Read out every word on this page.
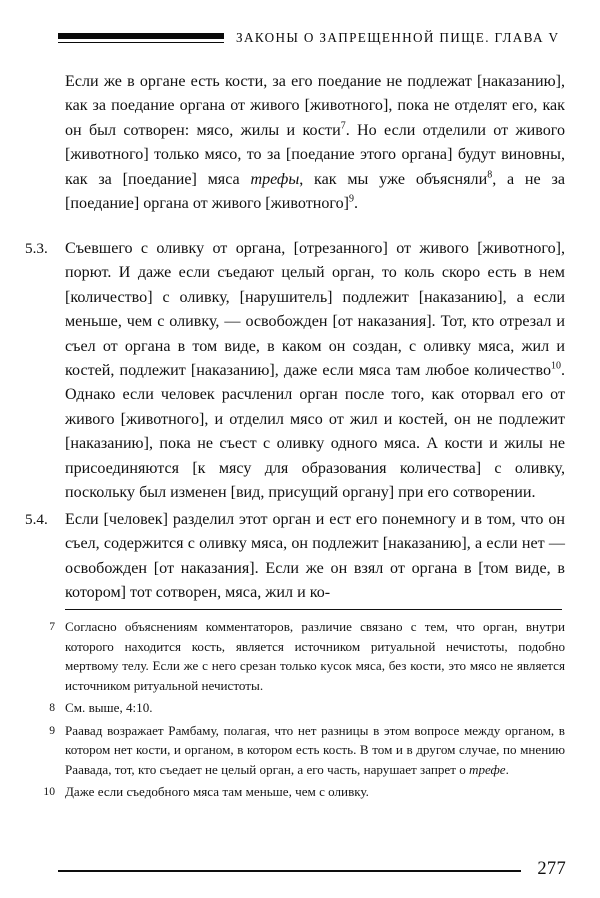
ЗАКОНЫ О ЗАПРЕЩЕННОЙ ПИЩЕ. ГЛАВА V
Если же в органе есть кости, за его поедание не подлежат [наказанию], как за поедание органа от живого [животного], пока не отделят его, как он был сотворен: мясо, жилы и кости$^7$. Но если отделили от живого [животного] только мясо, то за [поедание этого органа] будут виновны, как за [поедание] мяса трефы, как мы уже объясняли$^8$, а не за [поедание] органа от живого [животного]$^9$.
5.3.	Съевшего с оливку от органа, [отрезанного] от живого [животного], порют. И даже если съедают целый орган, то коль скоро есть в нем [количество] с оливку, [нарушитель] подлежит [наказанию], а если меньше, чем с оливку, — освобожден [от наказания]. Тот, кто отрезал и съел от органа в том виде, в каком он создан, с оливку мяса, жил и костей, подлежит [наказанию], даже если мяса там любое количество$^{10}$. Однако если человек расчленил орган после того, как оторвал его от живого [животного], и отделил мясо от жил и костей, он не подлежит [наказанию], пока не съест с оливку одного мяса. А кости и жилы не присоединяются [к мясу для образования количества] с оливку, поскольку был изменен [вид, присущий органу] при его сотворении.
5.4.	Если [человек] разделил этот орган и ест его понемногу и в том, что он съел, содержится с оливку мяса, он подлежит [наказанию], а если нет — освобожден [от наказания]. Если же он взял от органа в [том виде, в котором] тот сотворен, мяса, жил и ко-
7 Согласно объяснениям комментаторов, различие связано с тем, что орган, внутри которого находится кость, является источником ритуальной нечистоты, подобно мертвому телу. Если же с него срезан только кусок мяса, без кости, это мясо не является источником ритуальной нечистоты.
8 См. выше, 4:10.
9 Раавад возражает Рамбаму, полагая, что нет разницы в этом вопросе между органом, в котором нет кости, и органом, в котором есть кость. В том и в другом случае, по мнению Раавада, тот, кто съедает не целый орган, а его часть, нарушает запрет о трефе.
10 Даже если съедобного мяса там меньше, чем с оливку.
277
